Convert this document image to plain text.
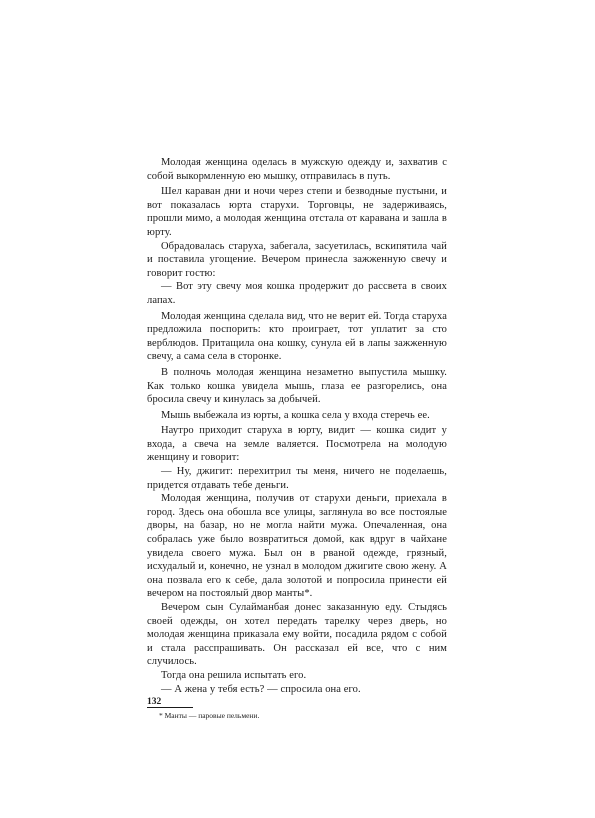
Молодая женщина оделась в мужскую одежду и, захватив с собой выкормленную ею мышку, отправилась в путь.

Шел караван дни и ночи через степи и безводные пустыни, и вот показалась юрта старухи. Торговцы, не задерживаясь, прошли мимо, а молодая женщина отстала от каравана и зашла в юрту.

Обрадовалась старуха, забегала, засуетилась, вскипятила чай и поставила угощение. Вечером принесла зажженную свечу и говорит гостю:

— Вот эту свечу моя кошка продержит до рассвета в своих лапах.

Молодая женщина сделала вид, что не верит ей. Тогда старуха предложила поспорить: кто проиграет, тот уплатит за сто верблюдов. Притащила она кошку, сунула ей в лапы зажженную свечу, а сама села в сторонке.

В полночь молодая женщина незаметно выпустила мышку. Как только кошка увидела мышь, глаза ее разгорелись, она бросила свечу и кинулась за добычей.

Мышь выбежала из юрты, а кошка села у входа стеречь ее.

Наутро приходит старуха в юрту, видит — кошка сидит у входа, а свеча на земле валяется. Посмотрела на молодую женщину и говорит:

— Ну, джигит: перехитрил ты меня, ничего не поделаешь, придется отдавать тебе деньги.

Молодая женщина, получив от старухи деньги, приехала в город. Здесь она обошла все улицы, заглянула во все постоялые дворы, на базар, но не могла найти мужа. Опечаленная, она собралась уже было возвратиться домой, как вдруг в чайхане увидела своего мужа. Был он в рваной одежде, грязный, исхудалый и, конечно, не узнал в молодом джигите свою жену. А она позвала его к себе, дала золотой и попросила принести ей вечером на постоялый двор манты*.

Вечером сын Сулайманбая донес заказанную еду. Стыдясь своей одежды, он хотел передать тарелку через дверь, но молодая женщина приказала ему войти, посадила рядом с собой и стала расспрашивать. Он рассказал ей все, что с ним случилось.

Тогда она решила испытать его.

— А жена у тебя есть? — спросила она его.

* Манты — паровые пельмени.

132
